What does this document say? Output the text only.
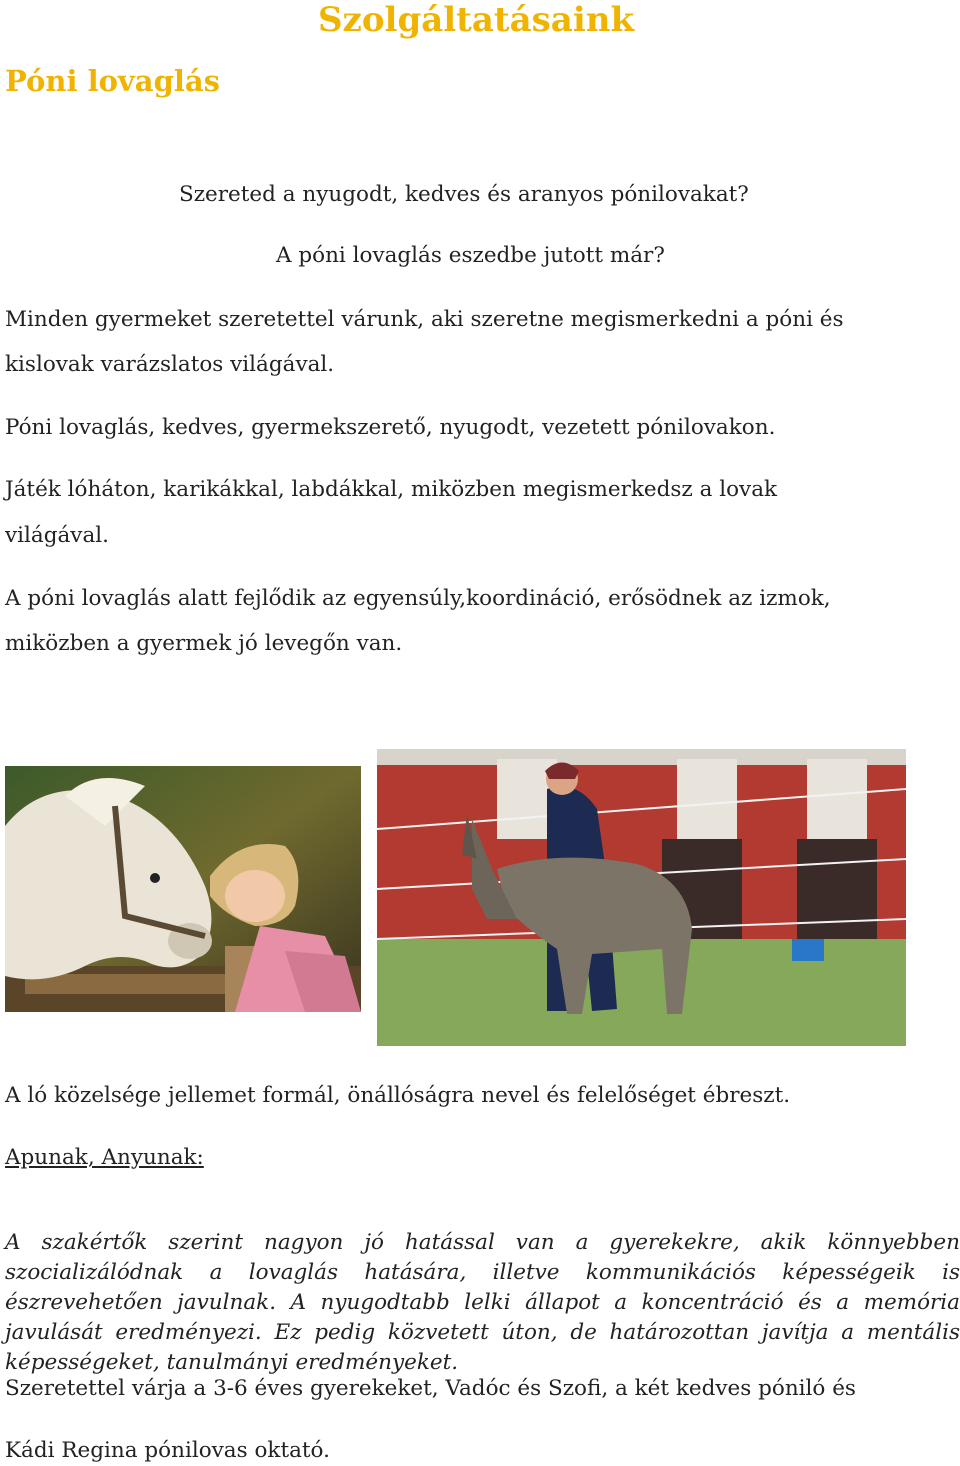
Szolgáltatásaink
Póni lovaglás

Szereted a nyugodt, kedves és aranyos pónilovakat?

A póni lovaglás eszedbe jutott már?

Minden gyermeket szeretettel várunk, aki szeretne megismerkedni a póni és

kislovak varázslatos világával.

Póni lovaglás, kedves, gyermekszerető, nyugodt, vezetett pónilovakon.

Játék lóháton, karikákkal, labdákkal, miközben megismerkedsz a lovak

világával.

A póni lovaglás alatt fejlődik az egyensúly,koordináció, erősödnek az izmok,

miközben a gyermek jó levegőn van.

A ló közelsége jellemet formál, önállóságra nevel és felelőséget ébreszt.

Apunak, Anyunak:

A szakértők szerint nagyon jó hatással van a gyerekekre, akik könnyebben szocializálódnak a lovaglás hatására, illetve kommunikációs képességeik is észrevehetően javulnak. A nyugodtabb lelki állapot a koncentráció és a memória javulását eredményezi. Ez pedig közvetett úton, de határozottan javítja a mentális képességeket, tanulmányi eredményeket.

Szeretettel várja a 3-6 éves gyerekeket, Vadóc és Szofi, a két kedves póniló és

Kádi Regina pónilovas oktató.
